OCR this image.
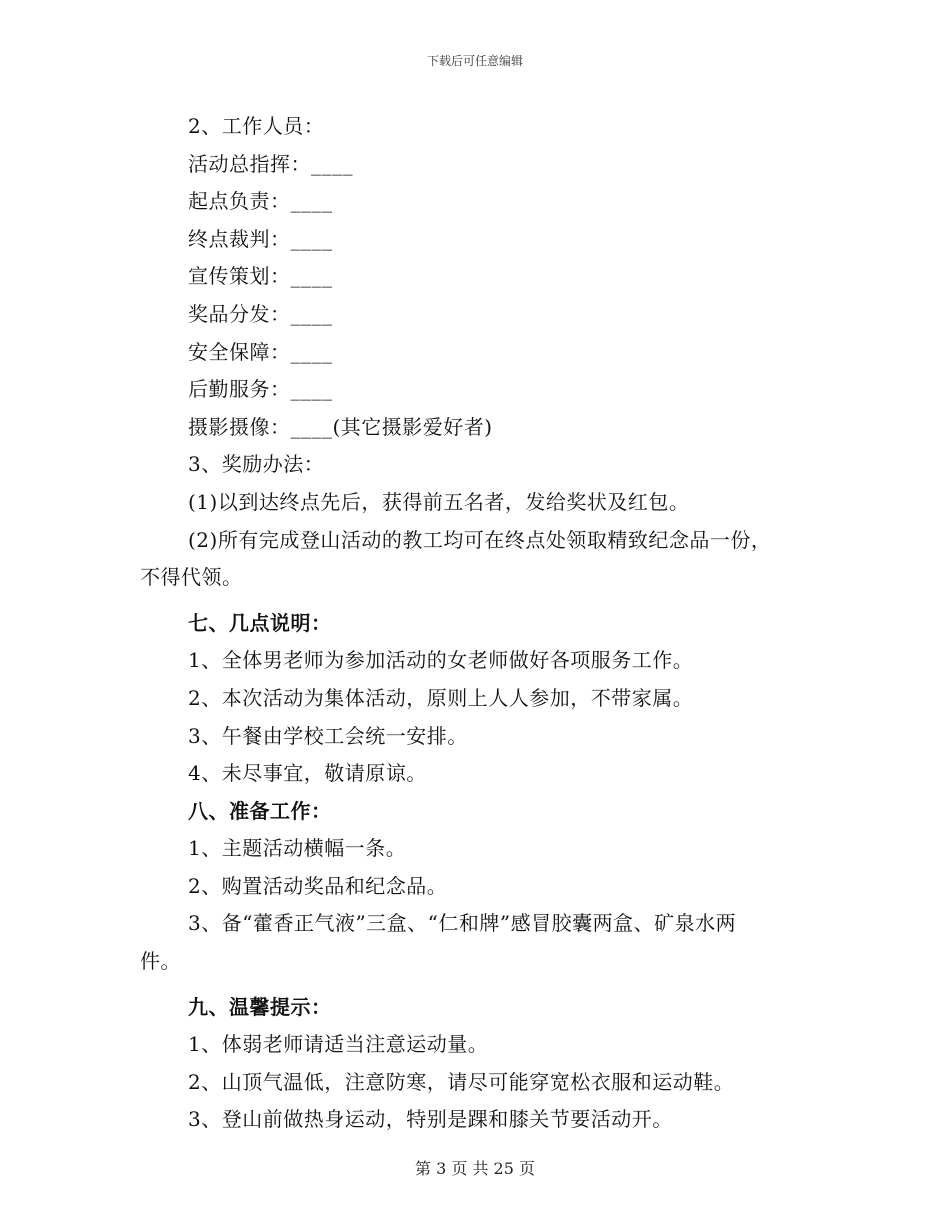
下载后可任意编辑
2、工作人员：
活动总指挥：____
起点负责：____
终点裁判：____
宣传策划：____
奖品分发：____
安全保障：____
后勤服务：____
摄影摄像：____(其它摄影爱好者)
3、奖励办法：
(1)以到达终点先后，获得前五名者，发给奖状及红包。
(2)所有完成登山活动的教工均可在终点处领取精致纪念品一份，
不得代领。
七、几点说明：
1、全体男老师为参加活动的女老师做好各项服务工作。
2、本次活动为集体活动，原则上人人参加，不带家属。
3、午餐由学校工会统一安排。
4、未尽事宜，敬请原谅。
八、准备工作：
1、主题活动横幅一条。
2、购置活动奖品和纪念品。
3、备“藿香正气液”三盒、“仁和牌”感冒胶囊两盒、矿泉水两
件。
九、温馨提示：
1、体弱老师请适当注意运动量。
2、山顶气温低，注意防寒，请尽可能穿宽松衣服和运动鞋。
3、登山前做热身运动，特别是踝和膝关节要活动开。
第 3 页 共 25 页
